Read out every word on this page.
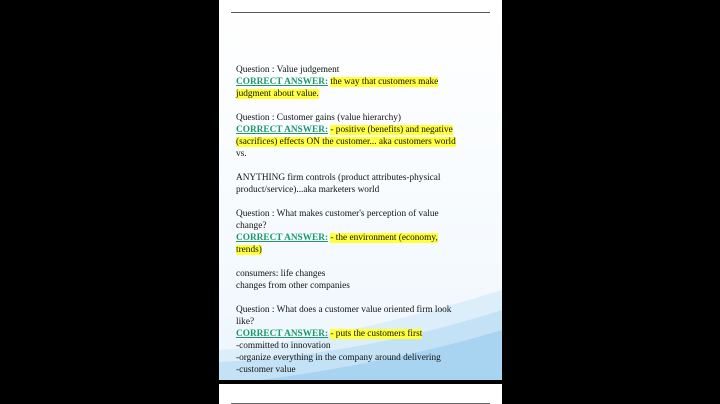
Question : Value judgement
CORRECT ANSWER: the way that customers make
judgment about value.
Question : Customer gains (value hierarchy)
CORRECT ANSWER: - positive (benefits) and negative
(sacrifices) effects ON the customer... aka customers world
vs.
ANYTHING firm controls (product attributes-physical
product/service)...aka marketers world
Question : What makes customer's perception of value
change?
CORRECT ANSWER: - the environment (economy,
trends)
consumers: life changes
changes from other companies
Question : What does a customer value oriented firm look
like?
CORRECT ANSWER: - puts the customers first
-committed to innovation
-organize everything in the company around delivering
-customer value
